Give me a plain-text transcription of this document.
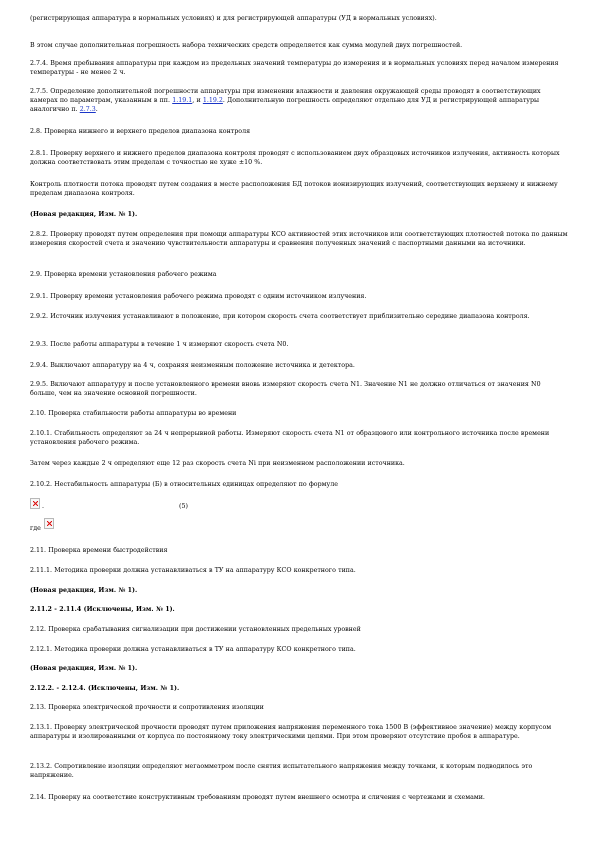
(регистрирующая аппаратура в нормальных условиях) и для регистрирующей аппаратуры (УД в нормальных условиях).

В этом случае дополнительная погрешность набора технических средств определяется как сумма модулей двух погрешностей.

2.7.4. Время пребывания аппаратуры при каждом из предельных значений температуры до измерения и в нормальных условиях перед началом измерения температуры - не менее 2 ч.

2.7.5. Определение дополнительной погрешности аппаратуры при изменении влажности и давления окружающей среды проводят в соответствующих камерах по параметрам, указанным в пп. 1.19.1, и 1.19.2. Дополнительную погрешность определяют отдельно для УД и регистрирующей аппаратуры аналогично п. 2.7.3.

2.8. Проверка нижнего и верхнего пределов диапазона контроля

2.8.1. Проверку верхнего и нижнего пределов диапазона контроля проводят с использованием двух образцовых источников излучения, активность которых должна соответствовать этим пределам с точностью не хуже ±10 %.

Контроль плотности потока проводят путем создания в месте расположения БД потоков ионизирующих излучений, соответствующих верхнему и нижнему пределам диапазона контроля.

(Новая редакция, Изм. № 1).

2.8.2. Проверку проводят путем определения при помощи аппаратуры КСО активностей этих источников или соответствующих плотностей потока по данным измерения скоростей счета и значению чувствительности аппаратуры и сравнения полученных значений с паспортными данными на источники.

2.9. Проверка времени установления рабочего режима

2.9.1. Проверку времени установления рабочего режима проводят с одним источником излучения.

2.9.2. Источник излучения устанавливают в положение, при котором скорость счета соответствует приблизительно середине диапазона контроля.

2.9.3. После работы аппаратуры в течение 1 ч измеряют скорость счета N0.

2.9.4. Выключают аппаратуру на 4 ч, сохраняя неизменным положение источника и детектора.

2.9.5. Включают аппаратуру и после установленного времени вновь измеряют скорость счета N1. Значение N1 не должно отличаться от значения N0 больше, чем на значение основной погрешности.

2.10. Проверка стабильности работы аппаратуры во времени

2.10.1. Стабильность определяют за 24 ч непрерывной работы. Измеряют скорость счета N1 от образцового или контрольного источника после времени установления рабочего режима.

Затем через каждые 2 ч определяют еще 12 раз скорость счета Ni при неизменном расположении источника.

2.10.2. Нестабильность аппаратуры (Б) в относительных единицах определяют по формуле

.	(5)

где

2.11. Проверка времени быстродействия

2.11.1. Методика проверки должна устанавливаться в ТУ на аппаратуру КСО конкретного типа.

(Новая редакция, Изм. № 1).

2.11.2 - 2.11.4 (Исключены, Изм. № 1).

2.12. Проверка срабатывания сигнализации при достижении установленных предельных уровней

2.12.1. Методика проверки должна устанавливаться в ТУ на аппаратуру КСО конкретного типа.

(Новая редакция, Изм. № 1).

2.12.2. - 2.12.4. (Исключены, Изм. № 1).

2.13. Проверка электрической прочности и сопротивления изоляции

2.13.1. Проверку электрической прочности проводят путем приложения напряжения переменного тока 1500 В (эффективное значение) между корпусом аппаратуры и изолированными от корпуса по постоянному току электрическими цепями. При этом проверяют отсутствие пробоя в аппаратуре.

2.13.2. Сопротивление изоляции определяют мегаомметром после снятия испытательного напряжения между точками, к которым подводилось это напряжение.

2.14. Проверку на соответствие конструктивным требованиям проводят путем внешнего осмотра и сличения с чертежами и схемами.
